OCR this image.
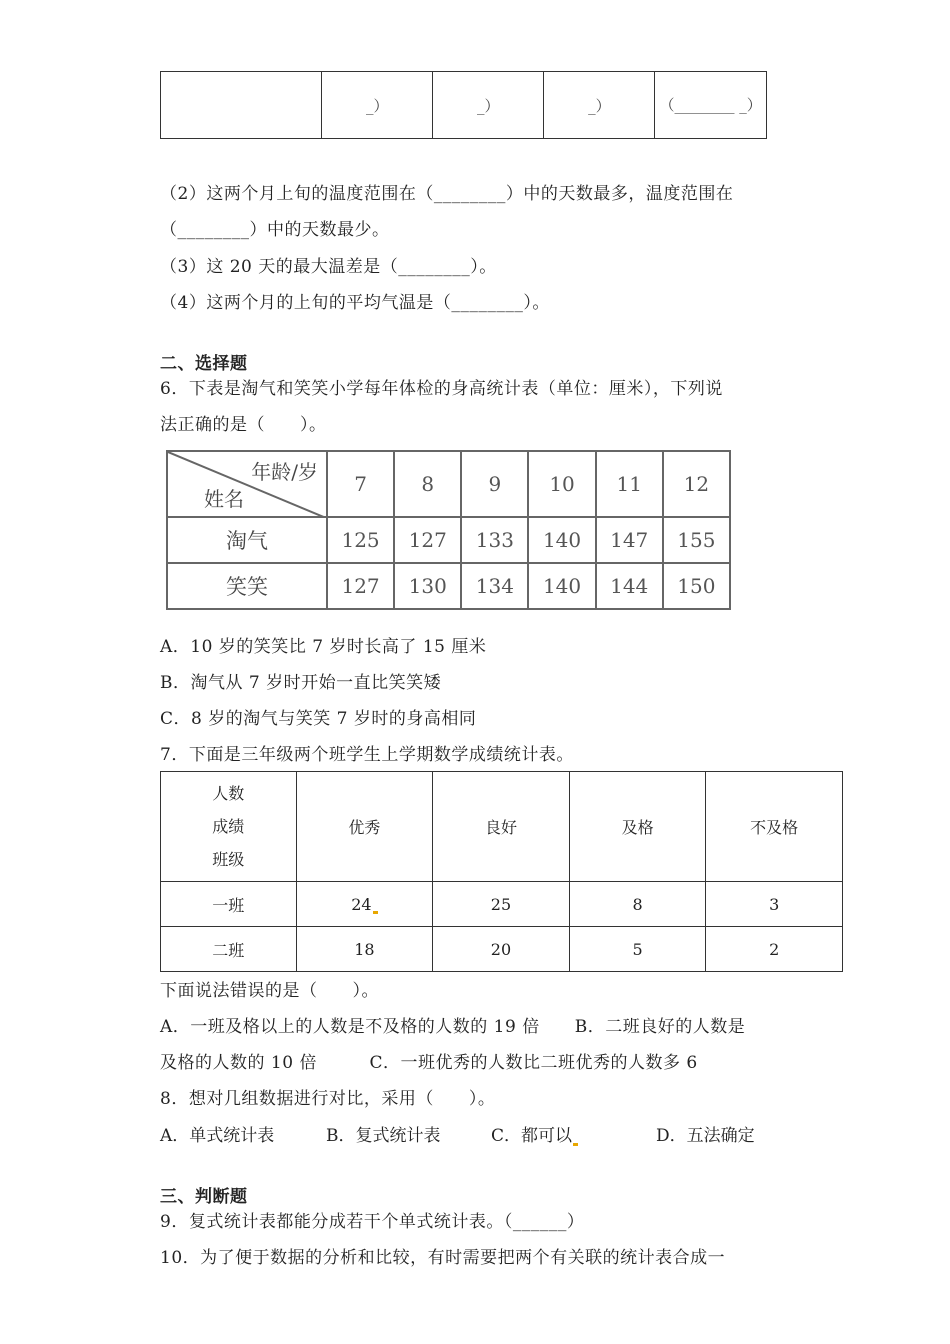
	_）	_）	_）	（________ _）
（2）这两个月上旬的温度范围在（________）中的天数最多，温度范围在
（________）中的天数最少。
（3）这 20 天的最大温差是（________）。
（4）这两个月的上旬的平均气温是（________）。
二、选择题
6．下表是淘气和笑笑小学每年体检的身高统计表（单位：厘米），下列说
法正确的是（　　）。
年龄/岁
姓名	7	8	9	10	11	12
淘气	125	127	133	140	147	155
笑笑	127	130	134	140	144	150
A．10 岁的笑笑比 7 岁时长高了 15 厘米
B．淘气从 7 岁时开始一直比笑笑矮
C．8 岁的淘气与笑笑 7 岁时的身高相同
7．下面是三年级两个班学生上学期数学成绩统计表。
人数
成绩
班级	优秀	良好	及格	不及格
一班	24	25	8	3
二班	18	20	5	2
下面说法错误的是（　　）。
A．一班及格以上的人数是不及格的人数的 19 倍　　B．二班良好的人数是
及格的人数的 10 倍　　　C．一班优秀的人数比二班优秀的人数多 6
8．想对几组数据进行对比，采用（　　）。
A．单式统计表	B．复式统计表	C．都可以	D．五法确定
三、判断题
9．复式统计表都能分成若干个单式统计表。（______）
10．为了便于数据的分析和比较，有时需要把两个有关联的统计表合成一
